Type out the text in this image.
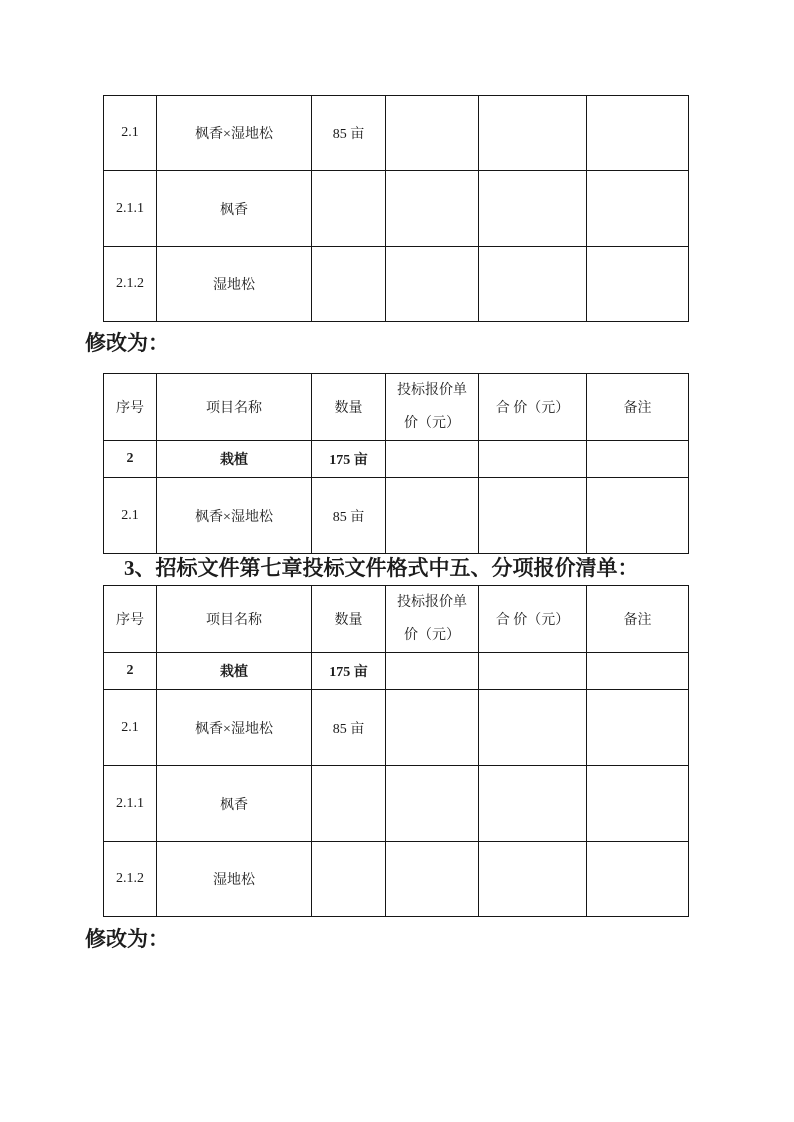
2.1	枫香×湿地松	85 亩			
2.1.1	枫香				
2.1.2	湿地松				

修改为：

序号	项目名称	数量	投标报价单价（元）	合 价（元）	备注
2	栽植	175 亩			
2.1	枫香×湿地松	85 亩			

3、招标文件第七章投标文件格式中五、分项报价清单：

序号	项目名称	数量	投标报价单价（元）	合 价（元）	备注
2	栽植	175 亩			
2.1	枫香×湿地松	85 亩			
2.1.1	枫香				
2.1.2	湿地松				

修改为：
